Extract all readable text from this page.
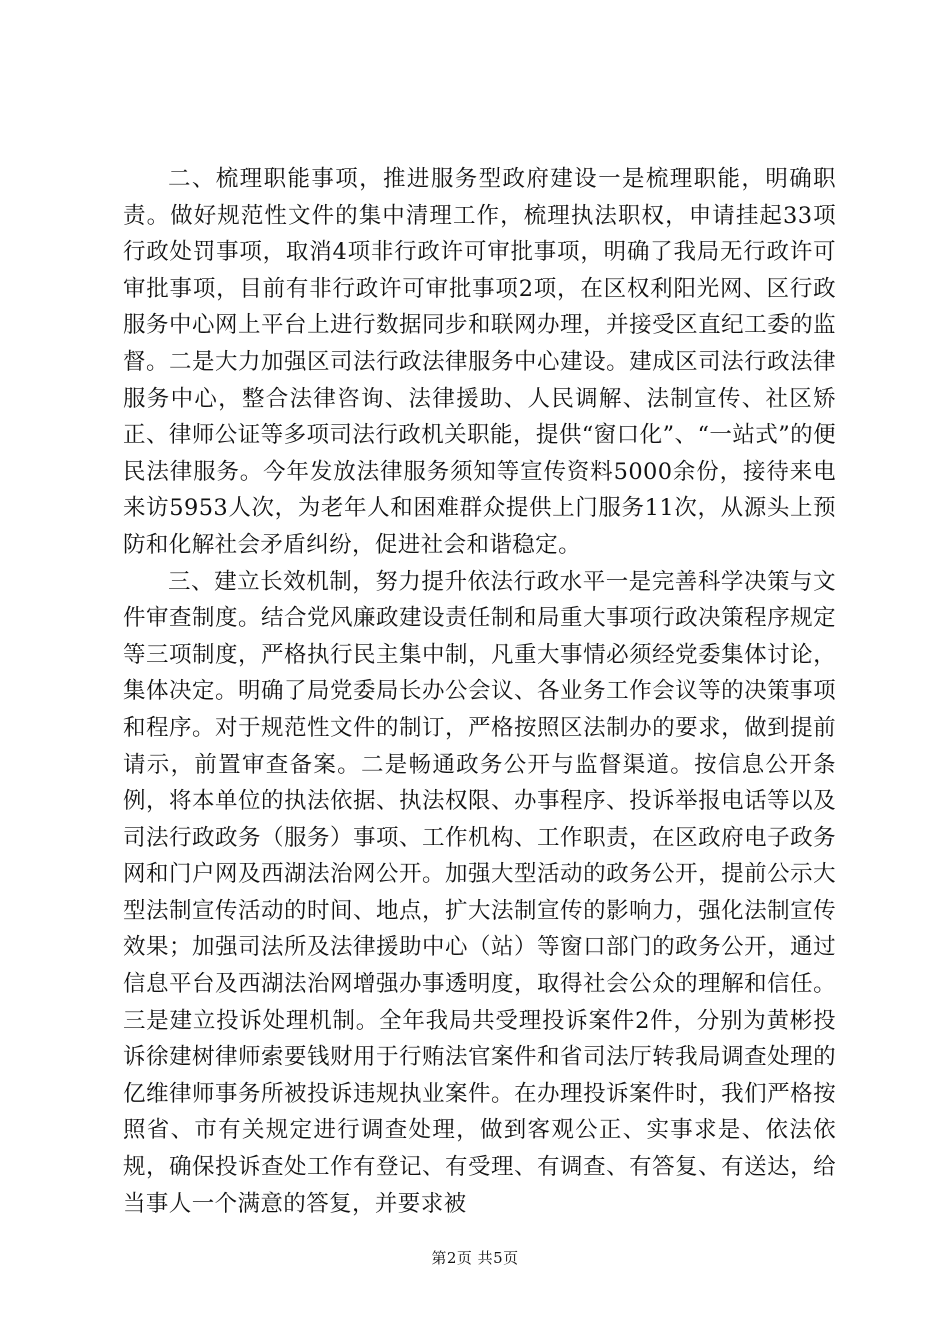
二、梳理职能事项，推进服务型政府建设一是梳理职能，明确职责。做好规范性文件的集中清理工作，梳理执法职权，申请挂起33项行政处罚事项，取消4项非行政许可审批事项，明确了我局无行政许可审批事项，目前有非行政许可审批事项2项，在区权利阳光网、区行政服务中心网上平台上进行数据同步和联网办理，并接受区直纪工委的监督。二是大力加强区司法行政法律服务中心建设。建成区司法行政法律服务中心，整合法律咨询、法律援助、人民调解、法制宣传、社区矫正、律师公证等多项司法行政机关职能，提供“窗口化”、“一站式”的便民法律服务。今年发放法律服务须知等宣传资料5000余份，接待来电来访5953人次，为老年人和困难群众提供上门服务11次，从源头上预防和化解社会矛盾纠纷，促进社会和谐稳定。

三、建立长效机制，努力提升依法行政水平一是完善科学决策与文件审查制度。结合党风廉政建设责任制和局重大事项行政决策程序规定等三项制度，严格执行民主集中制，凡重大事情必须经党委集体讨论，集体决定。明确了局党委局长办公会议、各业务工作会议等的决策事项和程序。对于规范性文件的制订，严格按照区法制办的要求，做到提前请示，前置审查备案。二是畅通政务公开与监督渠道。按信息公开条例，将本单位的执法依据、执法权限、办事程序、投诉举报电话等以及司法行政政务（服务）事项、工作机构、工作职责，在区政府电子政务网和门户网及西湖法治网公开。加强大型活动的政务公开，提前公示大型法制宣传活动的时间、地点，扩大法制宣传的影响力，强化法制宣传效果；加强司法所及法律援助中心（站）等窗口部门的政务公开，通过信息平台及西湖法治网增强办事透明度，取得社会公众的理解和信任。三是建立投诉处理机制。全年我局共受理投诉案件2件，分别为黄彬投诉徐建树律师索要钱财用于行贿法官案件和省司法厅转我局调查处理的亿维律师事务所被投诉违规执业案件。在办理投诉案件时，我们严格按照省、市有关规定进行调查处理，做到客观公正、实事求是、依法依规，确保投诉查处工作有登记、有受理、有调查、有答复、有送达，给当事人一个满意的答复，并要求被

第2页 共5页
